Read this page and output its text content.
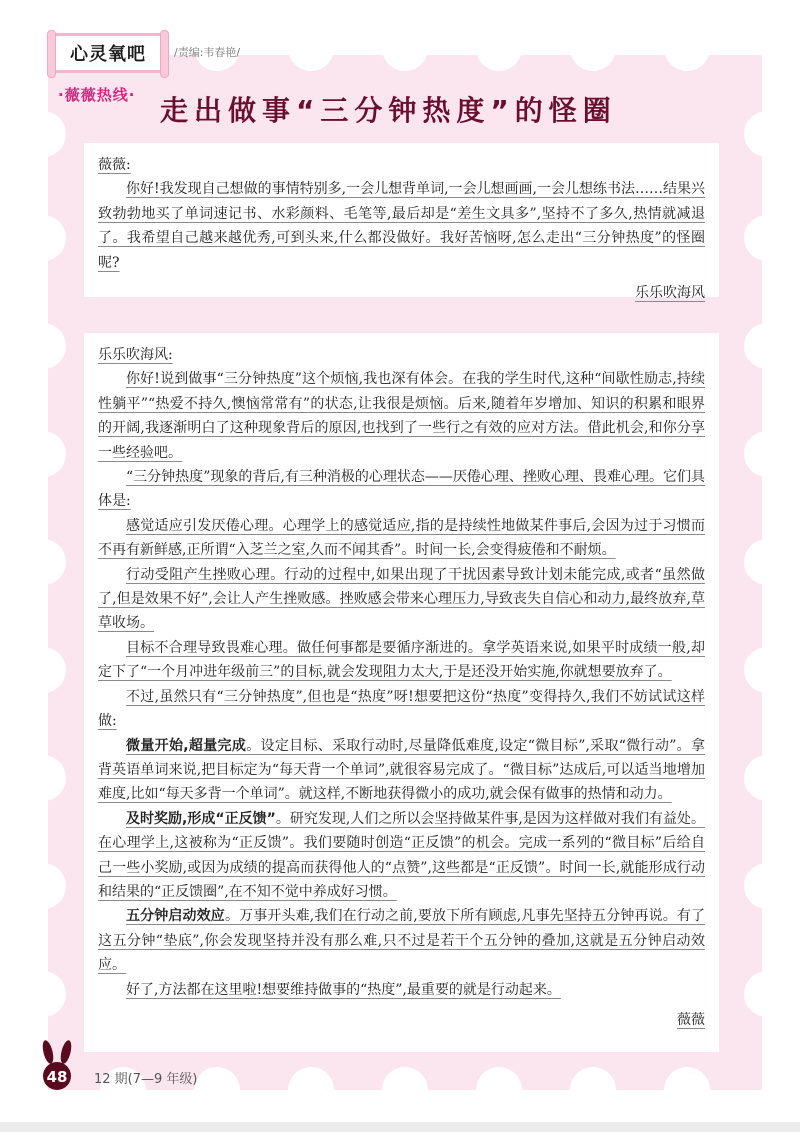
心灵氧吧	/责编:韦春艳/
·薇薇热线· 走出做事“三分钟热度”的怪圈

薇薇:

你好!我发现自己想做的事情特别多,一会儿想背单词,一会儿想画画,一会儿想练书法……结果兴致勃勃地买了单词速记书、水彩颜料、毛笔等,最后却是“差生文具多”,坚持不了多久,热情就减退了。我希望自己越来越优秀,可到头来,什么都没做好。我好苦恼呀,怎么走出“三分钟热度”的怪圈呢?

乐乐吹海风

乐乐吹海风:

你好!说到做事“三分钟热度”这个烦恼,我也深有体会。在我的学生时代,这种“间歇性励志,持续性躺平”“热爱不持久,懊恼常常有”的状态,让我很是烦恼。后来,随着年岁增加、知识的积累和眼界的开阔,我逐渐明白了这种现象背后的原因,也找到了一些行之有效的应对方法。借此机会,和你分享一些经验吧。

“三分钟热度”现象的背后,有三种消极的心理状态——厌倦心理、挫败心理、畏难心理。它们具体是:

感觉适应引发厌倦心理。心理学上的感觉适应,指的是持续性地做某件事后,会因为过于习惯而不再有新鲜感,正所谓“入芝兰之室,久而不闻其香”。时间一长,会变得疲倦和不耐烦。

行动受阻产生挫败心理。行动的过程中,如果出现了干扰因素导致计划未能完成,或者“虽然做了,但是效果不好”,会让人产生挫败感。挫败感会带来心理压力,导致丧失自信心和动力,最终放弃,草草收场。

目标不合理导致畏难心理。做任何事都是要循序渐进的。拿学英语来说,如果平时成绩一般,却定下了“一个月冲进年级前三”的目标,就会发现阻力太大,于是还没开始实施,你就想要放弃了。

不过,虽然只有“三分钟热度”,但也是“热度”呀!想要把这份“热度”变得持久,我们不妨试试这样做:

微量开始,超量完成。设定目标、采取行动时,尽量降低难度,设定“微目标”,采取“微行动”。拿背英语单词来说,把目标定为“每天背一个单词”,就很容易完成了。“微目标”达成后,可以适当地增加难度,比如“每天多背一个单词”。就这样,不断地获得微小的成功,就会保有做事的热情和动力。

及时奖励,形成“正反馈”。研究发现,人们之所以会坚持做某件事,是因为这样做对我们有益处。在心理学上,这被称为“正反馈”。我们要随时创造“正反馈”的机会。完成一系列的“微目标”后给自己一些小奖励,或因为成绩的提高而获得他人的“点赞”,这些都是“正反馈”。时间一长,就能形成行动和结果的“正反馈圈”,在不知不觉中养成好习惯。

五分钟启动效应。万事开头难,我们在行动之前,要放下所有顾虑,凡事先坚持五分钟再说。有了这五分钟“垫底”,你会发现坚持并没有那么难,只不过是若干个五分钟的叠加,这就是五分钟启动效应。

好了,方法都在这里啦!想要维持做事的“热度”,最重要的就是行动起来。

薇薇

48	12 期(7—9 年级)
